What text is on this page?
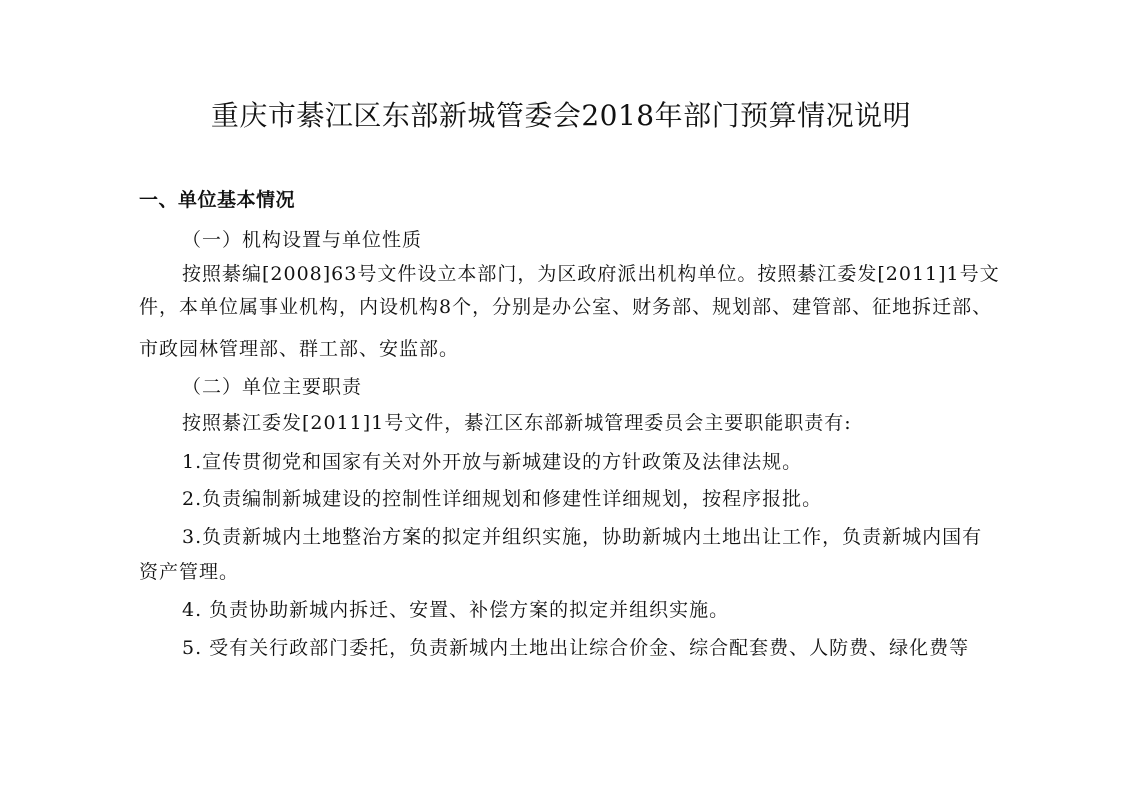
重庆市綦江区东部新城管委会2018年部门预算情况说明
一、单位基本情况
（一）机构设置与单位性质
按照綦编[2008]63号文件设立本部门，为区政府派出机构单位。按照綦江委发[2011]1号文
件，本单位属事业机构，内设机构8个，分别是办公室、财务部、规划部、建管部、征地拆迁部、
市政园林管理部、群工部、安监部。
（二）单位主要职责
按照綦江委发[2011]1号文件，綦江区东部新城管理委员会主要职能职责有:
1.宣传贯彻党和国家有关对外开放与新城建设的方针政策及法律法规。
2.负责编制新城建设的控制性详细规划和修建性详细规划，按程序报批。
3.负责新城内土地整治方案的拟定并组织实施，协助新城内土地出让工作，负责新城内国有
资产管理。
4. 负责协助新城内拆迁、安置、补偿方案的拟定并组织实施。
5. 受有关行政部门委托，负责新城内土地出让综合价金、综合配套费、人防费、绿化费等
